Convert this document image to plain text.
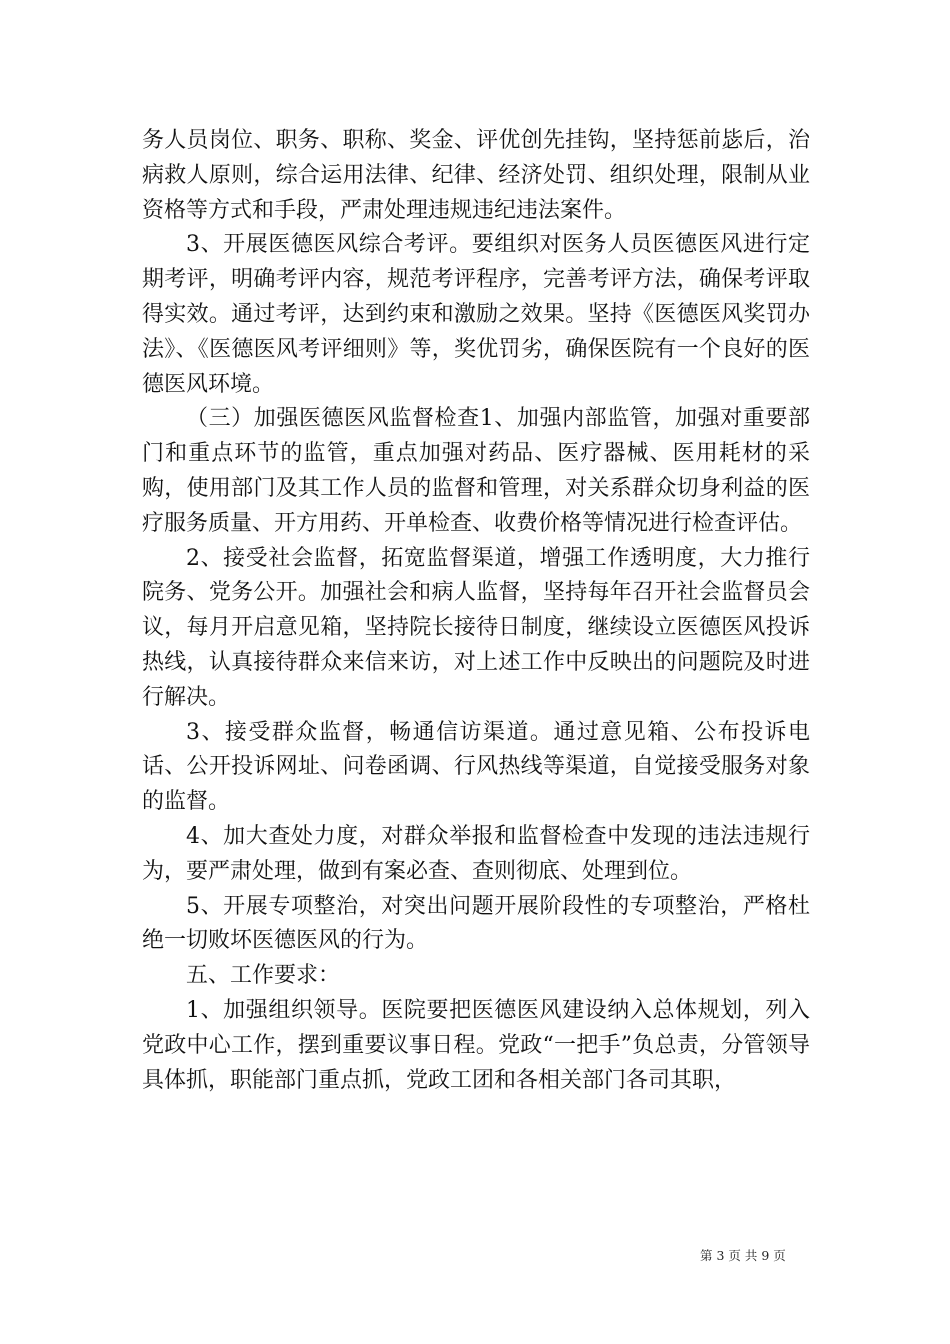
务人员岗位、职务、职称、奖金、评优创先挂钩，坚持惩前毖后，治病救人原则，综合运用法律、纪律、经济处罚、组织处理，限制从业资格等方式和手段，严肃处理违规违纪违法案件。

3、开展医德医风综合考评。要组织对医务人员医德医风进行定期考评，明确考评内容，规范考评程序，完善考评方法，确保考评取得实效。通过考评，达到约束和激励之效果。坚持《医德医风奖罚办法》、《医德医风考评细则》等，奖优罚劣，确保医院有一个良好的医德医风环境。

（三）加强医德医风监督检查1、加强内部监管，加强对重要部门和重点环节的监管，重点加强对药品、医疗器械、医用耗材的采购，使用部门及其工作人员的监督和管理，对关系群众切身利益的医疗服务质量、开方用药、开单检查、收费价格等情况进行检查评估。

2、接受社会监督，拓宽监督渠道，增强工作透明度，大力推行院务、党务公开。加强社会和病人监督，坚持每年召开社会监督员会议，每月开启意见箱，坚持院长接待日制度，继续设立医德医风投诉热线，认真接待群众来信来访，对上述工作中反映出的问题院及时进行解决。

3、接受群众监督，畅通信访渠道。通过意见箱、公布投诉电话、公开投诉网址、问卷函调、行风热线等渠道，自觉接受服务对象的监督。

4、加大查处力度，对群众举报和监督检查中发现的违法违规行为，要严肃处理，做到有案必查、查则彻底、处理到位。

5、开展专项整治，对突出问题开展阶段性的专项整治，严格杜绝一切败坏医德医风的行为。

五、工作要求：

1、加强组织领导。医院要把医德医风建设纳入总体规划，列入党政中心工作，摆到重要议事日程。党政“一把手”负总责，分管领导具体抓，职能部门重点抓，党政工团和各相关部门各司其职，

第 3 页 共 9 页
